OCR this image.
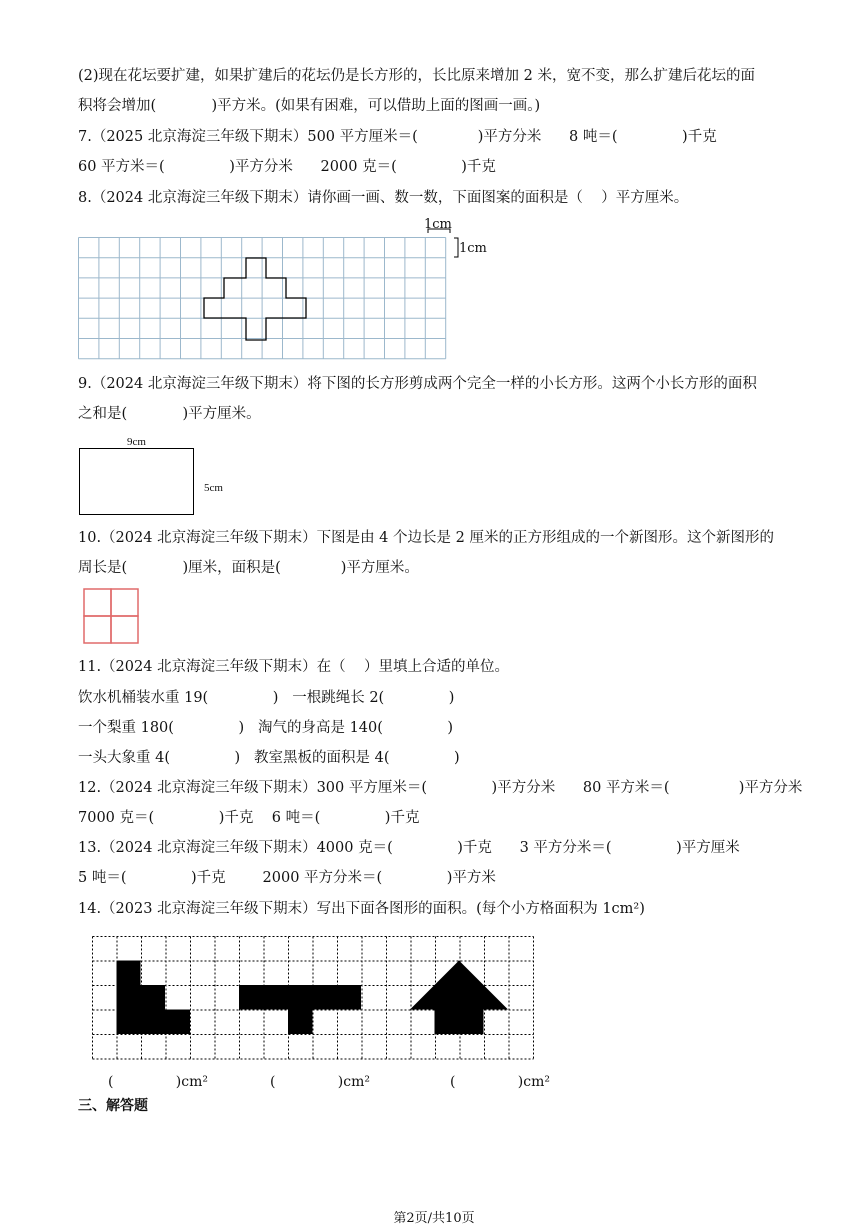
(2)现在花坛要扩建，如果扩建后的花坛仍是长方形的，长比原来增加 2 米，宽不变，那么扩建后花坛的面
积将会增加(            )平方米。(如果有困难，可以借助上面的图画一画。)
7.（2025 北京海淀三年级下期末）500 平方厘米＝(             )平方分米      8 吨＝(              )千克
60 平方米＝(              )平方分米      2000 克＝(              )千克
8.（2024 北京海淀三年级下期末）请你画一画、数一数，下面图案的面积是（    ）平方厘米。
1cm
1cm
9.（2024 北京海淀三年级下期末）将下图的长方形剪成两个完全一样的小长方形。这两个小长方形的面积
之和是(            )平方厘米。
9cm
5cm
10.（2024 北京海淀三年级下期末）下图是由 4 个边长是 2 厘米的正方形组成的一个新图形。这个新图形的
周长是(            )厘米，面积是(             )平方厘米。
11.（2024 北京海淀三年级下期末）在（    ）里填上合适的单位。
饮水机桶装水重 19(              )   一根跳绳长 2(              )
一个梨重 180(              )   淘气的身高是 140(              )
一头大象重 4(              )   教室黑板的面积是 4(              )
12.（2024 北京海淀三年级下期末）300 平方厘米＝(              )平方分米      80 平方米＝(               )平方分米
7000 克＝(              )千克    6 吨＝(              )千克
13.（2024 北京海淀三年级下期末）4000 克＝(              )千克      3 平方分米＝(              )平方厘米
5 吨＝(              )千克        2000 平方分米＝(              )平方米
14.（2023 北京海淀三年级下期末）写出下面各图形的面积。(每个小方格面积为 1cm²)
(              )cm²	(              )cm²	(              )cm²
三、解答题
第2页/共10页
